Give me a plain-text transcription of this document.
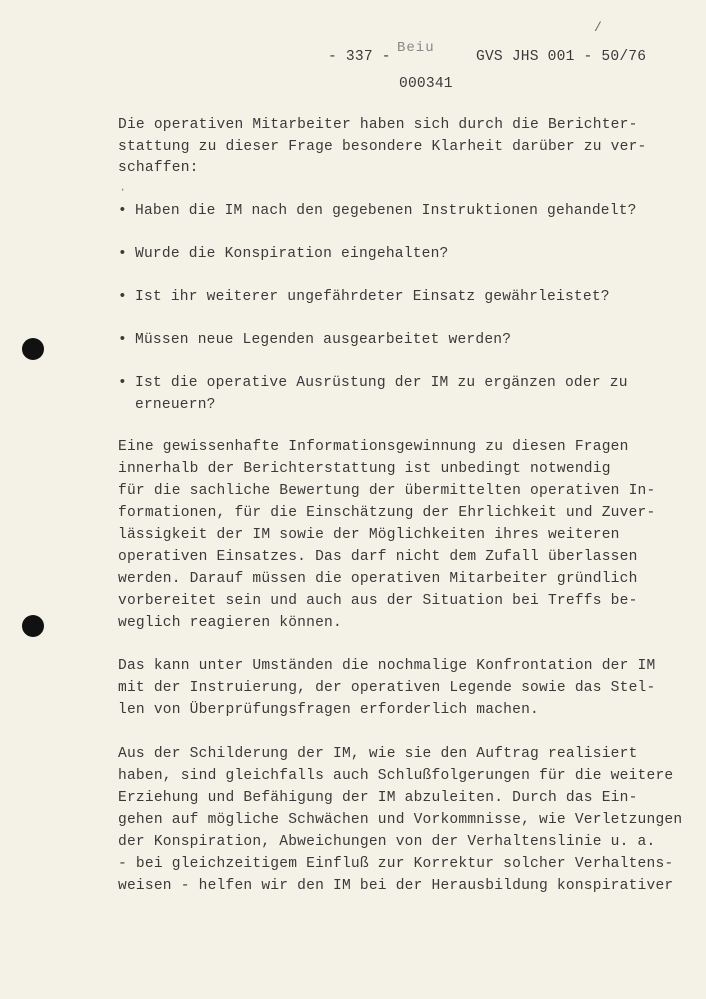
/
- 337 -
Beiu
GVS JHS 001 - 50/76
000341
Die operativen Mitarbeiter haben sich durch die Berichter-
stattung zu dieser Frage besondere Klarheit darüber zu ver-
schaffen:
• Haben die IM nach den gegebenen Instruktionen gehandelt?
• Wurde die Konspiration eingehalten?
• Ist ihr weiterer ungefährdeter Einsatz gewährleistet?
• Müssen neue Legenden ausgearbeitet werden?
• Ist die operative Ausrüstung der IM zu ergänzen oder zu
erneuern?
Eine gewissenhafte Informationsgewinnung zu diesen Fragen
innerhalb der Berichterstattung ist unbedingt notwendig
für die sachliche Bewertung der übermittelten operativen In-
formationen, für die Einschätzung der Ehrlichkeit und Zuver-
lässigkeit der IM sowie der Möglichkeiten ihres weiteren
operativen Einsatzes. Das darf nicht dem Zufall überlassen
werden. Darauf müssen die operativen Mitarbeiter gründlich
vorbereitet sein und auch aus der Situation bei Treffs be-
weglich reagieren können.
Das kann unter Umständen die nochmalige Konfrontation der IM
mit der Instruierung, der operativen Legende sowie das Stel-
len von Überprüfungsfragen erforderlich machen.
Aus der Schilderung der IM, wie sie den Auftrag realisiert
haben, sind gleichfalls auch Schlußfolgerungen für die weitere
Erziehung und Befähigung der IM abzuleiten. Durch das Ein-
gehen auf mögliche Schwächen und Vorkommnisse, wie Verletzungen
der Konspiration, Abweichungen von der Verhaltenslinie u. a.
- bei gleichzeitigem Einfluß zur Korrektur solcher Verhaltens-
weisen - helfen wir den IM bei der Herausbildung konspirativer
·
